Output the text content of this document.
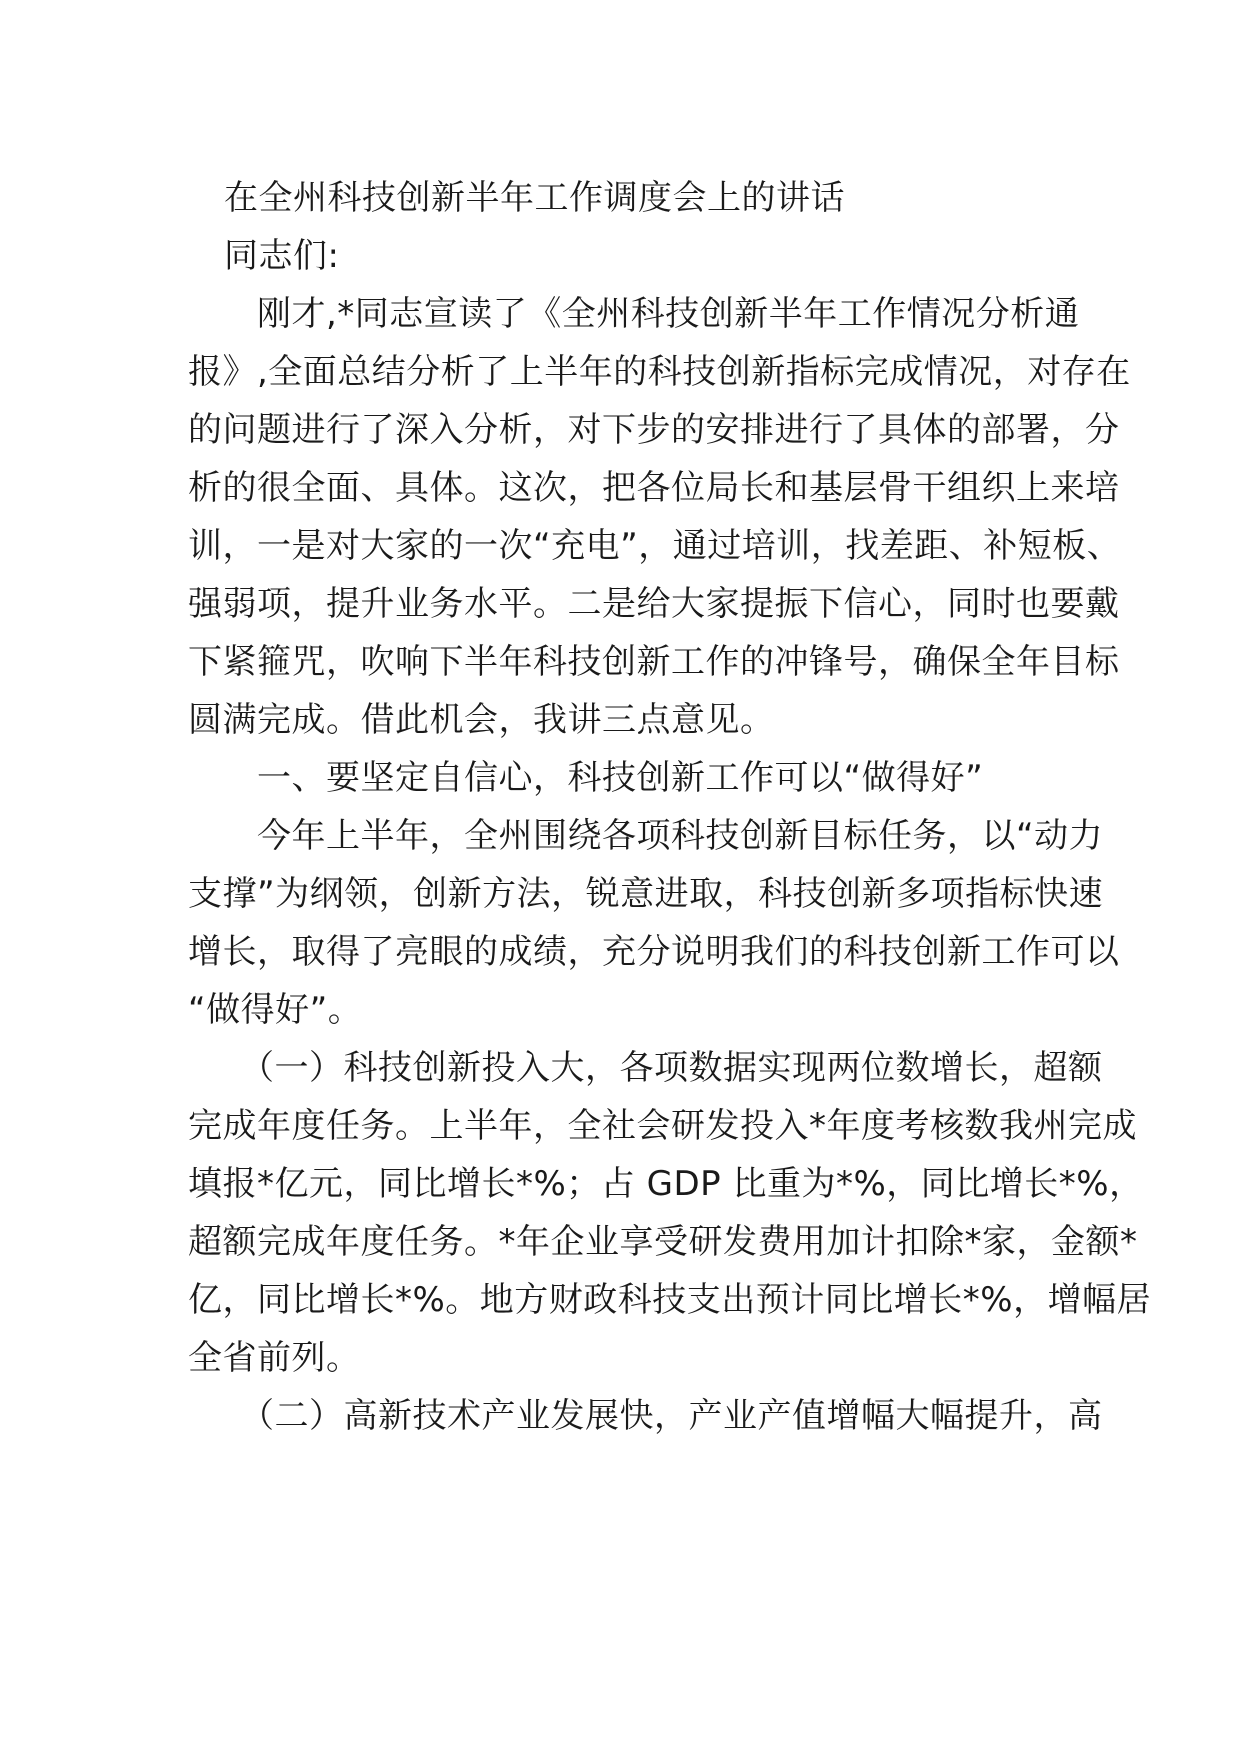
在全州科技创新半年工作调度会上的讲话
同志们:
　　刚才,*同志宣读了《全州科技创新半年工作情况分析通
报》,全面总结分析了上半年的科技创新指标完成情况，对存在
的问题进行了深入分析，对下步的安排进行了具体的部署，分
析的很全面、具体。这次，把各位局长和基层骨干组织上来培
训，一是对大家的一次“充电”，通过培训，找差距、补短板、
强弱项，提升业务水平。二是给大家提振下信心，同时也要戴
下紧箍咒，吹响下半年科技创新工作的冲锋号，确保全年目标
圆满完成。借此机会，我讲三点意见。
　　一、要坚定自信心，科技创新工作可以“做得好”
　　今年上半年，全州围绕各项科技创新目标任务，以“动力
支撑”为纲领，创新方法，锐意进取，科技创新多项指标快速
增长，取得了亮眼的成绩，充分说明我们的科技创新工作可以
“做得好”。
　　（一）科技创新投入大，各项数据实现两位数增长，超额
完成年度任务。上半年，全社会研发投入*年度考核数我州完成
填报*亿元，同比增长*%；占 GDP 比重为*%，同比增长*%，
超额完成年度任务。*年企业享受研发费用加计扣除*家，金额*
亿，同比增长*%。地方财政科技支出预计同比增长*%，增幅居
全省前列。
　　（二）高新技术产业发展快，产业产值增幅大幅提升，高
